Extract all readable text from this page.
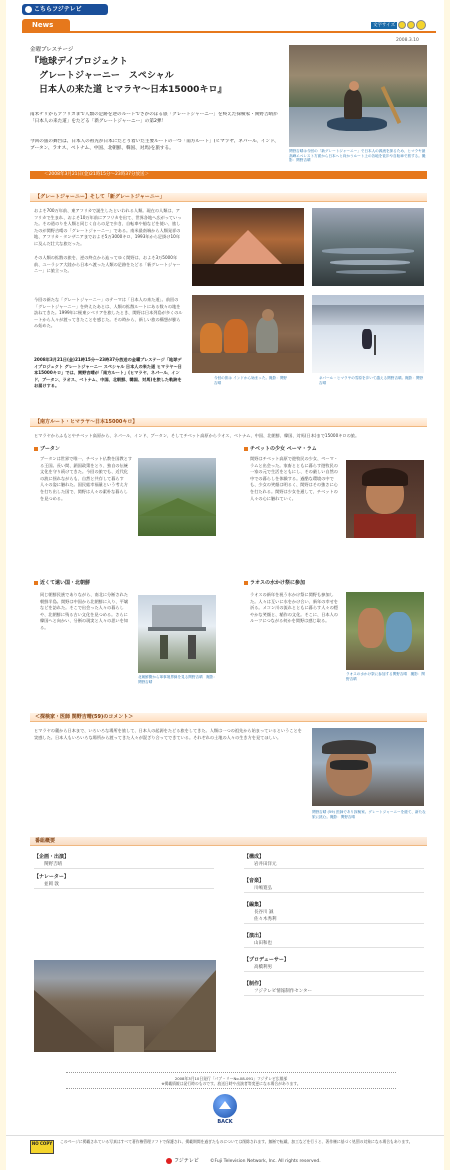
こちらフジテレビ
News	文字サイズ
2008.3.10
金曜プレステージ
『地球デイプロジェクト
グレートジャーニー　スペシャル
日本人の来た道 ヒマラヤ～日本15000キロ』
関野吉晴は今回の「新グレートジャーニー」で日本人の源流を探るため、ヒマラヤ最高峰エベレスト方面から日本へと向かうルート上の各地を徒歩や自転車で旅する。撮影：関野吉晴
南米チリからアフリカまで人類の足跡を逆のルートでさかのぼる旅「グレートジャーニー」を終えた探検家・関野吉晴が「日本人の来た道」をたどる「新グレートジャーニー」の第2弾！
今回の旅の舞台は、日本人の祖先が日本にたどり着いた主要ルートの一つ「南方ルート」(ヒマラヤ、ネパール、インド、ブータン、ラオス、ベトナム、中国、北朝鮮、韓国、対馬)を旅する。
＜2008年3月21日(金)21時15分～23時37分放送＞
【グレートジャーニー】そして「新グレートジャーニー」
およそ700万年前、東アフリカで誕生したといわれる人類。現在の人類は、アフリカで生まれ、およそ10万年前にアフリカを出て、世界各地へ広がっていった。その道のりを人類と同じく自らの足で歩き、自転車や船などを使い、旅したのが関野吉晴の「グレートジャーニー」である。南米最南端から人類発祥の地、アフリカ・タンザニアまでおよそ5万3000キロ、1993年から足掛け10年に及んだ壮大な旅だった。
その人類の拡散の旅を、逆の終点から辿ってゆく関野は、およそ3万5000年前、ユーラシア大陸から日本へ渡った人類の足跡をたどる「新グレートジャーニー」に旅立った。
今回の新たな「グレートジャーニー」のテーマは「日本人の来た道」。前回の「グレートジャーニー」を終えたあとは、人類の拡散ルートにある数々の地を訪ねてきた。1999年に極東シベリアを旅したとき、関野は日本列島が多くのルートから人々が渡ってきたことを感じた。その時から、新しい旅の構想が膨らみ始めた。
2008年3月21日(金)21時15分～23時37分放送の金曜プレステージ「地球デイプロジェクト グレートジャーニー スペシャル 日本人の来た道 ヒマラヤ～日本15000キロ」では、関野吉晴が「南方ルート」(ヒマラヤ、ネパール、インド、ブータン、ラオス、ベトナム、中国、北朝鮮、韓国、対馬)を旅した軌跡をお届けする。
今回の旅は インドから始まった。撮影：関野吉晴
ネパール・ヒマラヤの雪原を歩いて越える関野吉晴。撮影：関野吉晴
【南方ルート・ヒマラヤ～日本15000キロ】
ヒマラヤからふもとやチベット高原から、ネパール、インド、ブータン、そしてチベット高原からラオス、ベトナム、中国、北朝鮮、韓国、対馬(日本)まで15000キロの旅。
ブータン
ブータンは世界で唯一、チベット仏教を国教とする王国。長い間、鎖国政策をとり、独自の伝統文化を守り続けてきた。今回の旅でも、近代化の波に揺れながらも、自然と共存して暮らす人々の姿に触れた。国民総幸福量という考え方を打ち出した国で、関野は人々の素朴な暮らしを見つめる。
チベットの少女 ペーマ・ラム
関野はチベット高原で遊牧民の少女、ペーマ・ラムと出会った。家畜とともに暮らす遊牧民の一家の元で生活をともにし、その厳しい自然の中での暮らしを体験する。過酷な環境の中でも、少女の笑顔は明るく、関野はその強さに心を打たれる。関野は少女を通して、チベットの人々の心に触れていく。
近くて遠い国・北朝鮮
同じ朝鮮民族でありながら、南北に分断された朝鮮半島。関野は中国から北朝鮮に入り、平壌などを訪れた。そこで出会った人々の暮らしや、北朝鮮に残る古い文化を見つめる。さらに韓国へと向かい、分断の現実と人々の思いを知る。
北朝鮮側から軍事境界線を見る関野吉晴　撮影：関野吉晴
ラオスの水かけ祭に参加
ラオスの新年を祝う水かけ祭に関野も参加した。人々は互いに水をかけ合い、新年の幸せを祈る。メコン川の流れとともに暮らす人々の穏やかな笑顔と、稲作の文化。そこに、日本人のルーツにつながる何かを関野は感じ取る。
ラオスの水かけ祭に参加する関野吉晴　撮影：関野吉晴
＜探検家・医師 関野吉晴(59)のコメント＞
ヒマラヤの麓から日本まで、いろいろな場所を旅して、日本人の起源をたどる旅をしてきた。人類は一つの祖先から始まっているということを実感した。日本人もいろいろな場所から渡ってきた人々が混ざり合ってできている。それぞれの土地の人々の生き方を見てほしい。
関野吉晴 (59) 医師であり探検家。グレートジャーニーを経て、新たな旅に挑む。撮影：関野吉晴
番組概要
【企画・出演】
関野吉晴
【ナレーター】
並岡 敦
【構成】
岩井田洋元
【音楽】
川嶋寛弘
【編集】
長谷川 誠
佐々木秀利
【演出】
山田和也
【プロデューサー】
高橋利男
【制作】
フジテレビ情報制作センター
2008年3月10日発行「パブ・リーNo.08-091」フジテレビ広報部
※掲載情報は発行時のものです。放送日時や出演者等変更になる場合があります。
BACK
NO COPY	このページに掲載されている写真はすべて著作権管理ソフトで保護され、掲載期間を過ぎたものについては削除されます。無断で転載、加工などを行うと、著作権に基づく処罰の対象になる場合もあります。
フジテレビ	©Fuji Television Network, Inc. All rights reserved.
